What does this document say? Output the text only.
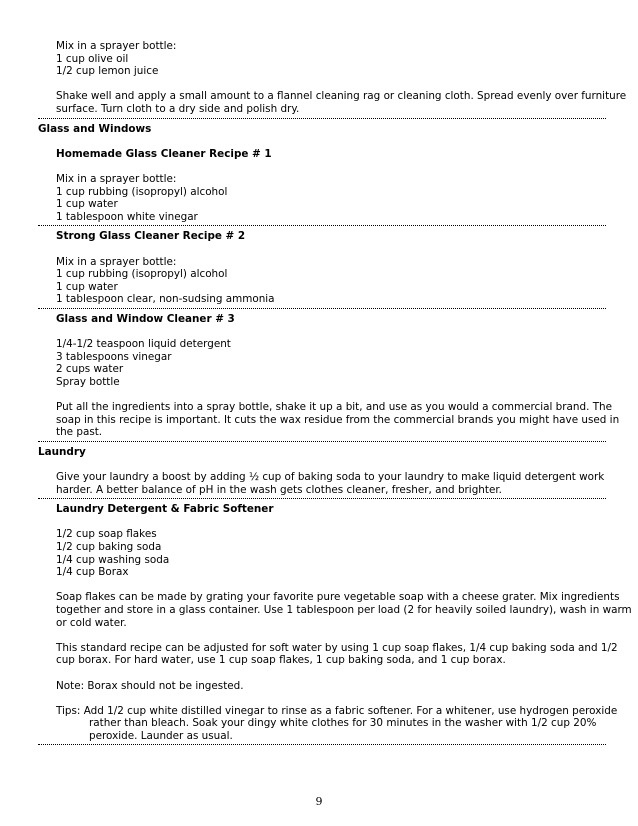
Mix in a sprayer bottle:
1 cup olive oil
1/2 cup lemon juice
Shake well and apply a small amount to a flannel cleaning rag or cleaning cloth. Spread evenly over furniture
surface. Turn cloth to a dry side and polish dry.
Glass and Windows
Homemade Glass Cleaner Recipe # 1
Mix in a sprayer bottle:
1 cup rubbing (isopropyl) alcohol
1 cup water
1 tablespoon white vinegar
Strong Glass Cleaner Recipe # 2
Mix in a sprayer bottle:
1 cup rubbing (isopropyl) alcohol
1 cup water
1 tablespoon clear, non-sudsing ammonia
Glass and Window Cleaner # 3
1/4-1/2 teaspoon liquid detergent
3 tablespoons vinegar
2 cups water
Spray bottle
Put all the ingredients into a spray bottle, shake it up a bit, and use as you would a commercial brand. The
soap in this recipe is important. It cuts the wax residue from the commercial brands you might have used in
the past.
Laundry
Give your laundry a boost by adding ½ cup of baking soda to your laundry to make liquid detergent work
harder. A better balance of pH in the wash gets clothes cleaner, fresher, and brighter.
Laundry Detergent & Fabric Softener
1/2 cup soap flakes
1/2 cup baking soda
1/4 cup washing soda
1/4 cup Borax
Soap flakes can be made by grating your favorite pure vegetable soap with a cheese grater. Mix ingredients
together and store in a glass container. Use 1 tablespoon per load (2 for heavily soiled laundry), wash in warm
or cold water.
This standard recipe can be adjusted for soft water by using 1 cup soap flakes, 1/4 cup baking soda and 1/2
cup borax. For hard water, use 1 cup soap flakes, 1 cup baking soda, and 1 cup borax.
Note: Borax should not be ingested.
Tips: Add 1/2 cup white distilled vinegar to rinse as a fabric softener. For a whitener, use hydrogen peroxide
rather than bleach. Soak your dingy white clothes for 30 minutes in the washer with 1/2 cup 20%
peroxide. Launder as usual.
9
